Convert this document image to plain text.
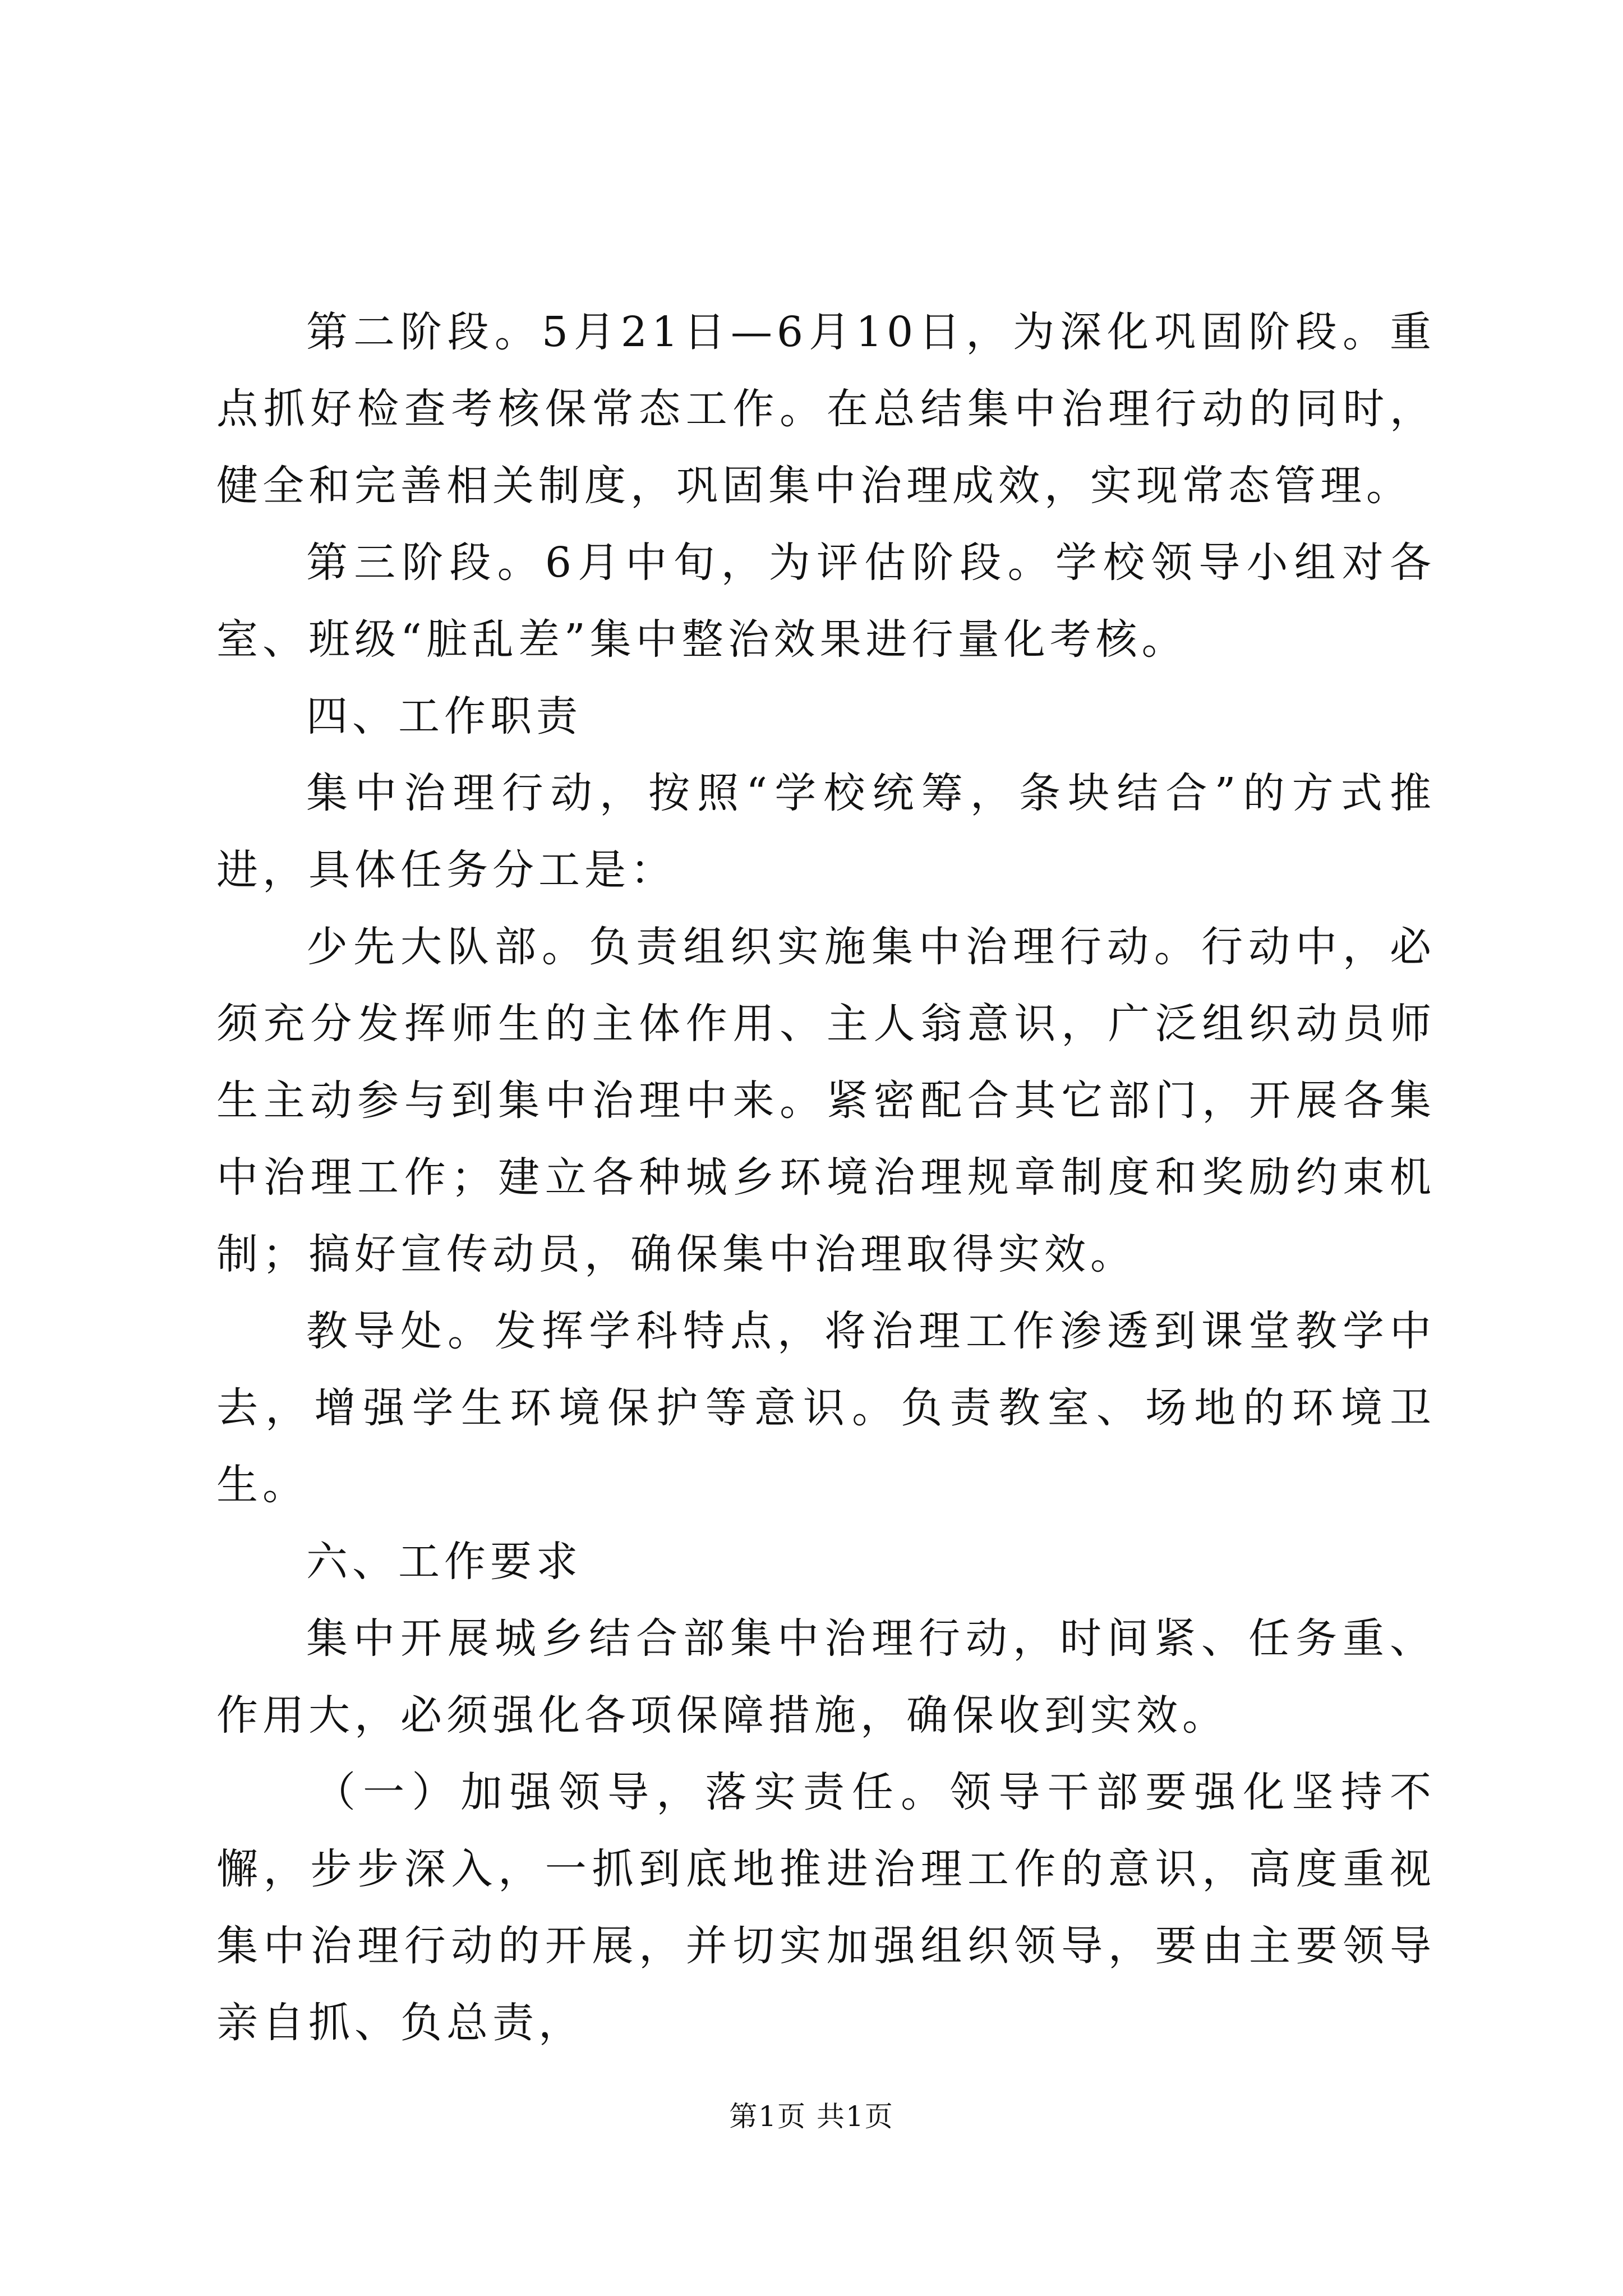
第二阶段。5月21日—6月10日，为深化巩固阶段。重点抓好检查考核保常态工作。在总结集中治理行动的同时，健全和完善相关制度，巩固集中治理成效，实现常态管理。

第三阶段。6月中旬，为评估阶段。学校领导小组对各室、班级“脏乱差”集中整治效果进行量化考核。

四、工作职责

集中治理行动，按照“学校统筹，条块结合”的方式推进，具体任务分工是：

少先大队部。负责组织实施集中治理行动。行动中，必须充分发挥师生的主体作用、主人翁意识，广泛组织动员师生主动参与到集中治理中来。紧密配合其它部门，开展各集中治理工作；建立各种城乡环境治理规章制度和奖励约束机制；搞好宣传动员，确保集中治理取得实效。

教导处。发挥学科特点，将治理工作渗透到课堂教学中去，增强学生环境保护等意识。负责教室、场地的环境卫生。

六、工作要求

集中开展城乡结合部集中治理行动，时间紧、任务重、作用大，必须强化各项保障措施，确保收到实效。

（一）加强领导，落实责任。领导干部要强化坚持不懈，步步深入，一抓到底地推进治理工作的意识，高度重视集中治理行动的开展，并切实加强组织领导，要由主要领导亲自抓、负总责，

第1页 共1页
